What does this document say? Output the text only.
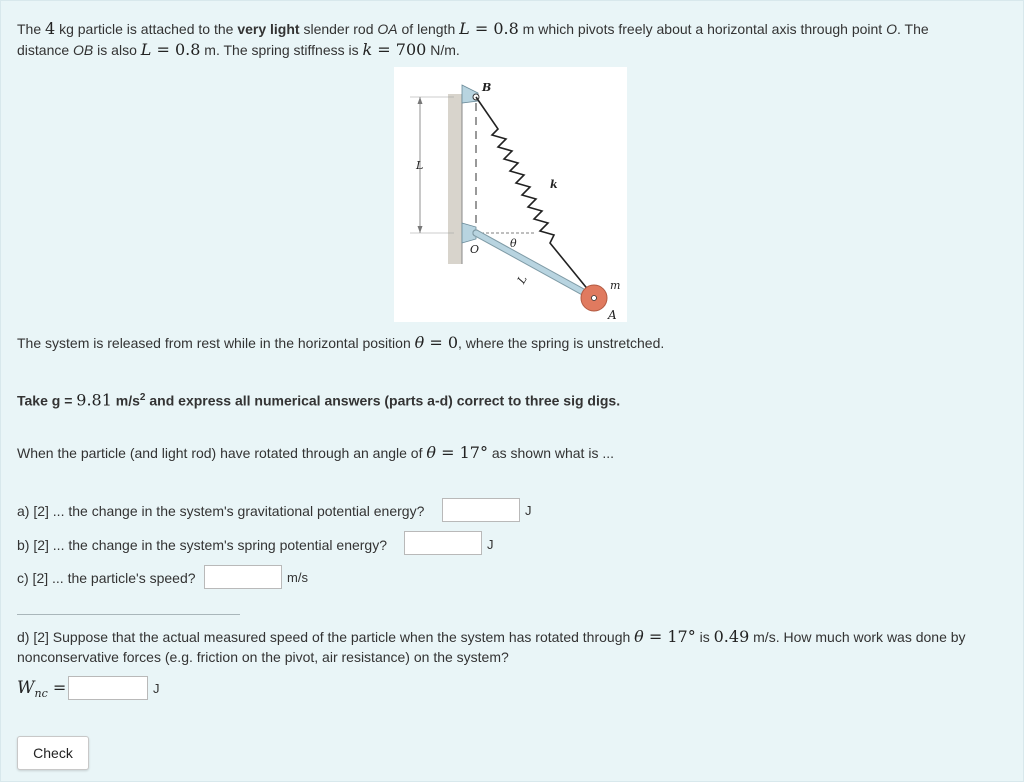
The 4 kg particle is attached to the very light slender rod OA of length L = 0.8 m which pivots freely about a horizontal axis through point O. The
distance OB is also L = 0.8 m. The spring stiffness is k = 700 N/m.
L
B
k
O	θ
L	m
A
The system is released from rest while in the horizontal position θ = 0, where the spring is unstretched.
Take g = 9.81 $m/s^2$ and express all numerical answers (parts a-d) correct to three sig digs.
When the particle (and light rod) have rotated through an angle of θ = 17° as shown what is ...
a) [2] ... the change in the system's gravitational potential energy?	J
b) [2] ... the change in the system's spring potential energy?	J
c) [2] ... the particle's speed?	m/s
d) [2] Suppose that the actual measured speed of the particle when the system has rotated through θ = 17° is 0.49 m/s. How much work was done by
nonconservative forces (e.g. friction on the pivot, air resistance) on the system?
$W_{nc}$ =	J
Check
